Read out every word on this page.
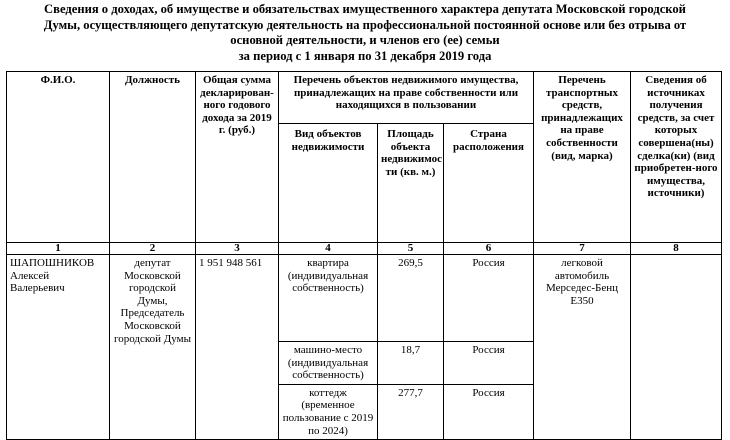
Сведения о доходах, об имуществе и обязательствах имущественного характера депутата Московской городской
Думы, осуществляющего депутатскую деятельность на профессиональной постоянной основе или без отрыва от
основной деятельности, и членов его (ее) семьи
за период с 1 января по 31 декабря 2019 года
Ф.И.О.	Должность	Общая сумма декларирован-ного годового дохода за 2019 г. (руб.)	Перечень объектов недвижимого имущества, принадлежащих на праве собственности или находящихся в пользовании			Перечень транспортных средств, принадлежащих на праве собственности (вид, марка)	Сведения об источниках получения средств, за счет которых совершена(ны) сделка(ки) (вид приобретен-ного имущества, источники)
			Вид объектов недвижимости	Площадь объекта недвижимос ти (кв. м.)	Страна расположения		
1	2	3	4	5	6	7	8
ШАПОШНИКОВ Алексей Валерьевич	депутат Московской городской Думы, Председатель Московской городской Думы	1 951 948 561	квартира (индивидуальная собственность)	269,5	Россия	легковой автомобиль Мерседес-Бенц E350	
			машино-место (индивидуальная собственность)	18,7	Россия		
			коттедж (временное пользование с 2019 по 2024)	277,7	Россия		
